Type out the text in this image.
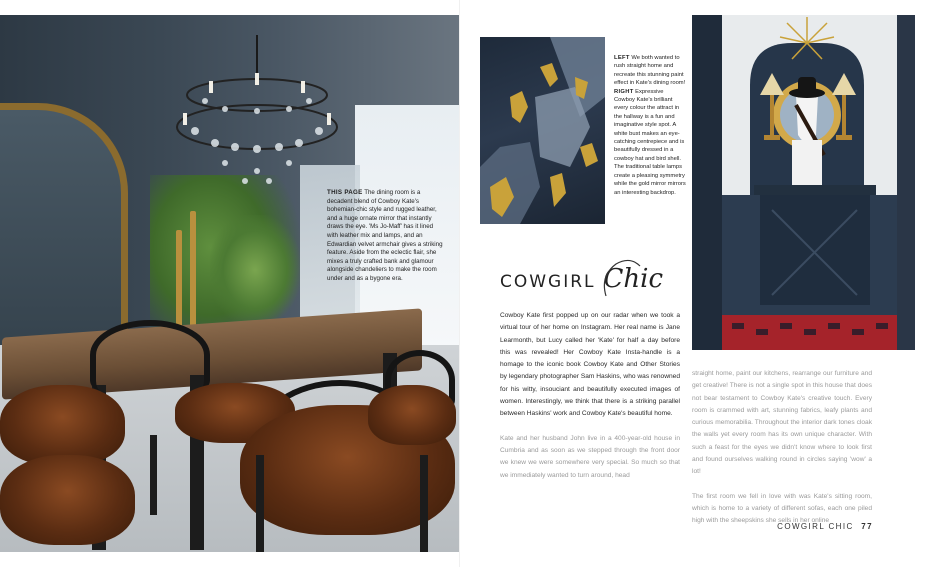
THIS PAGE The dining room is a decadent blend of Cowboy Kate's bohemian-chic style and rugged leather, and a huge ornate mirror that instantly draws the eye. 'Ms Jo-Maff' has it lined with leather mix and lamps, and an Edwardian velvet armchair gives a striking feature. Aside from the eclectic flair, she mixes a truly crafted bank and glamour alongside chandeliers to make the room under and as a bygone era.
LEFT We both wanted to rush straight home and recreate this stunning paint effect in Kate's dining room! RIGHT Expressive Cowboy Kate's brilliant every colour the attract in the hallway is a fun and imaginative style spot. A white bust makes an eye-catching centrepiece and is beautifully dressed in a cowboy hat and bird shell. The traditional table lamps create a pleasing symmetry while the gold mirror mirrors an interesting backdrop.
COWGIRL Chic

Cowboy Kate first popped up on our radar when we took a virtual tour of her home on Instagram. Her real name is Jane Learmonth, but Lucy called her 'Kate' for half a day before this was revealed! Her Cowboy Kate Insta-handle is a homage to the iconic book Cowboy Kate and Other Stories by legendary photographer Sam Haskins, who was renowned for his witty, insouciant and beautifully executed images of women. Interestingly, we think that there is a striking parallel between Haskins' work and Cowboy Kate's beautiful home.

Kate and her husband John live in a 400-year-old house in Cumbria and as soon as we stepped through the front door we knew we were somewhere very special. So much so that we immediately wanted to turn around, head

straight home, paint our kitchens, rearrange our furniture and get creative! There is not a single spot in this house that does not bear testament to Cowboy Kate's creative touch. Every room is crammed with art, stunning fabrics, leafy plants and curious memorabilia. Throughout the interior dark tones cloak the walls yet every room has its own unique character. With such a feast for the eyes we didn't know where to look first and found ourselves walking round in circles saying 'wow' a lot!

The first room we fell in love with was Kate's sitting room, which is home to a variety of different sofas, each one piled high with the sheepskins she sells in her online

COWGIRL CHIC 77
